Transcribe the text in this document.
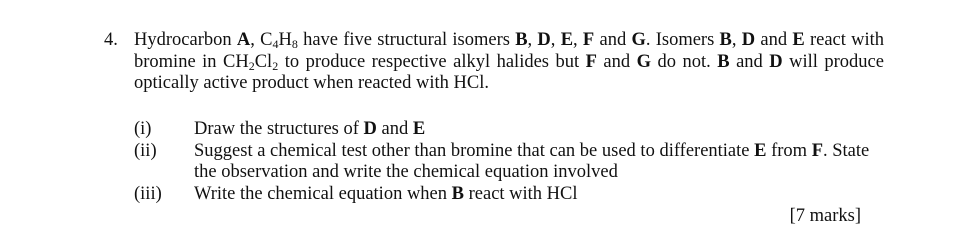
4. Hydrocarbon A, $C_4H_8$ have five structural isomers B, D, E, F and G. Isomers B, D and E react with
bromine in $CH_2Cl_2$ to produce respective alkyl halides but F and G do not. B and D will produce
optically active product when reacted with HCl.
(i) Draw the structures of D and E
(ii) Suggest a chemical test other than bromine that can be used to differentiate E from F. State
the observation and write the chemical equation involved
(iii) Write the chemical equation when B react with HCl
[7 marks]
